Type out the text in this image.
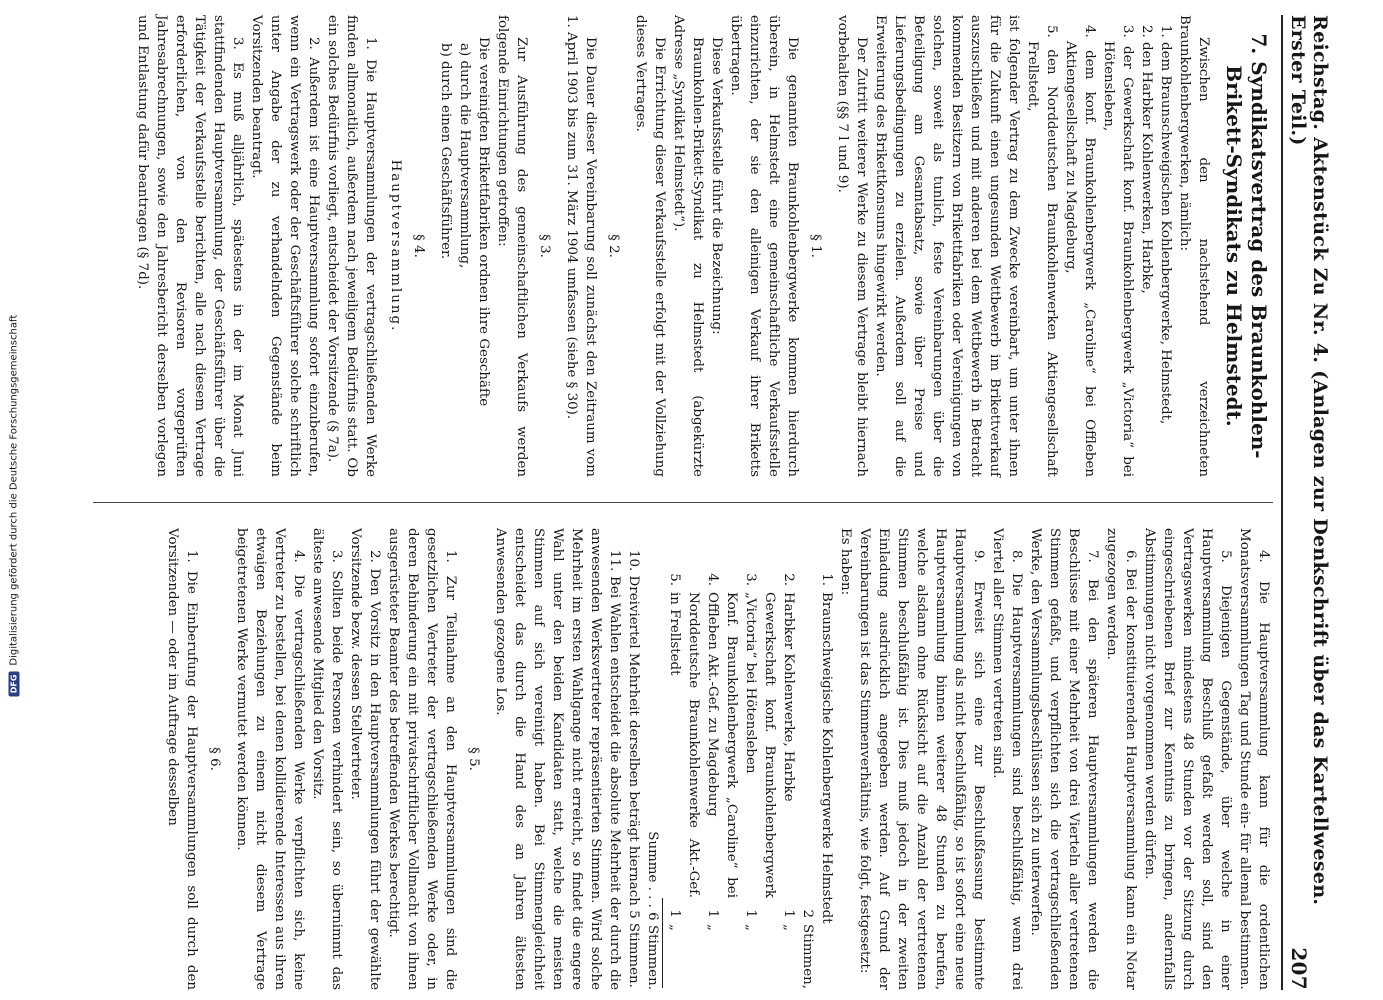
DFG
Digitalisierung gefördert durch die Deutsche Forschungsgemeinschaft	Reichstag. Aktenstück Zu Nr. 4. (Anlagen zur Denkschrift über das Kartellwesen. Erster Teil.)
207

7. Syndikatsvertrag des Braunkohlen-Brikett-Syndikats zu Helmstedt.

Zwischen den nachstehend verzeichneten Braunkohlenbergwerken, nämlich:

1. dem Braunschweigischen Kohlenbergwerke, Helmstedt,

2. den Harbker Kohlenwerken, Harbke,

3. der Gewerkschaft konf. Braunkohlenbergwerk „Victoria“ bei Hötensleben,

4. dem konf. Braunkohlenbergwerk „Caroline“ bei Offleben Aktiengesellschaft zu Magdeburg,

5. den Norddeutschen Braunkohlenwerken Aktiengesellschaft Frellstedt,

ist folgender Vertrag zu dem Zwecke vereinbart, um unter ihnen für die Zukunft einen ungesunden Wettbewerb im Brikettverkauf auszuschließen und mit anderen bei dem Wettbewerb in Betracht kommenden Besitzern von Brikettfabriken oder Vereinigungen von solchen, soweit als tunlich, feste Vereinbarungen über die Beteiligung am Gesamtabsatz, sowie über Preise und Lieferungsbedingungen zu erzielen. Außerdem soll auf die Erweiterung des Brikettkonsums hingewirkt werden.

Der Zutritt weiterer Werke zu diesem Vertrage bleibt hiernach vorbehalten (§§ 7 l und 9).

§ 1.

Die genannten Braunkohlenbergwerke kommen hierdurch überein, in Helmstedt eine gemeinschaftliche Verkaufsstelle einzurichten, der sie den alleinigen Verkauf ihrer Briketts übertragen.

Diese Verkaufsstelle führt die Bezeichnung:

Braunkohlen-Brikett-Syndikat zu Helmstedt (abgekürzte Adresse „Syndikat Helmstedt“).

Die Errichtung dieser Verkaufsstelle erfolgt mit der Vollziehung dieses Vertrages.

§ 2.

Die Dauer dieser Vereinbarung soll zunächst den Zeitraum vom 1. April 1903 bis zum 31. März 1904 umfassen (siehe § 30).

§ 3.

Zur Ausführung des gemeinschaftlichen Verkaufs werden folgende Einrichtungen getroffen:

Die vereinigten Brikettfabriken ordnen ihre Geschäfte

a) durch die Hauptversammlung,

b) durch einen Geschäftsführer.

§ 4.

Hauptversammlung.

1. Die Hauptversammlungen der vertragschließenden Werke finden allmonatlich, außerdem nach jeweiligem Bedürfnis statt. Ob ein solches Bedürfnis vorliegt, entscheidet der Vorsitzende (§ 7a).

2. Außerdem ist eine Hauptversammlung sofort einzuberufen, wenn ein Vertragswerk oder der Geschäftsführer solche schriftlich unter Angabe der zu verhandelnden Gegenstände beim Vorsitzenden beantragt.

3. Es muß alljährlich, spätestens in der im Monat Juni stattfindenden Hauptversammlung, der Geschäftsführer über die Tätigkeit der Verkaufsstelle berichten, alle nach diesem Vertrage erforderlichen, von den Revisoren vorgeprüften Jahresabrechnungen, sowie den Jahresbericht derselben vorlegen und Entlastung dafür beantragen (§ 7d).

4. Die Hauptversammlung kann für die ordentlichen Monatsversammlungen Tag und Stunde ein- für allemal bestimmen.

5. Diejenigen Gegenstände, über welche in einer Hauptversammlung Beschluß gefaßt werden soll, sind den Vertragswerken mindestens 48 Stunden vor der Sitzung durch eingeschriebenen Brief zur Kenntnis zu bringen, andernfalls Abstimmungen nicht vorgenommen werden dürfen.

6. Bei der konstituierenden Hauptversammlung kann ein Notar zugezogen werden.

7. Bei den späteren Hauptversammlungen werden die Beschlüsse mit einer Mehrheit von drei Vierteln aller vertretenen Stimmen gefaßt, und verpflichten sich die vertragschließenden Werke, den Versammlungsbeschlüssen sich zu unterwerfen.

8. Die Hauptversammlungen sind beschlußfähig, wenn drei Viertel aller Stimmen vertreten sind.

9. Erweist sich eine zur Beschlußfassung bestimmte Hauptversammlung als nicht beschlußfähig, so ist sofort eine neue Hauptversammlung binnen weiterer 48 Stunden zu berufen, welche alsdann ohne Rücksicht auf die Anzahl der vertretenen Stimmen beschlußfähig ist. Dies muß jedoch in der zweiten Einladung ausdrücklich angegeben werden. Auf Grund der Vereinbarungen ist das Stimmenverhältnis, wie folgt, festgesetzt:

Es haben:

1.
Braunschweigische Kohlenbergwerke Helmstedt
2
Stimmen,
2.
Harbker Kohlenwerke, Harbke
1
„
3.
Gewerkschaft konf. Braunkohlenbergwerk „Victoria“ bei Hötensleben
1
„
4.
Konf. Braunkohlenbergwerk „Caroline“ bei Offleben Akt.-Gef. zu Magdeburg
1
„
5.
Norddeutsche Braunkohlenwerke Akt.-Gef. in Frellstedt
1
„
Summe . . . 6 Stimmen.

10. Dreiviertel Mehrheit derselben beträgt hiernach 5 Stimmen.

11. Bei Wahlen entscheidet die absolute Mehrheit der durch die anwesenden Werksvertreter repräsentierten Stimmen. Wird solche Mehrheit im ersten Wahlgange nicht erreicht, so findet die engere Wahl unter den beiden Kandidaten statt, welche die meisten Stimmen auf sich vereinigt haben. Bei Stimmengleichheit entscheidet das durch die Hand des an Jahren ältesten Anwesenden gezogene Los.

§ 5.

1. Zur Teilnahme an den Hauptversammlungen sind die gesetzlichen Vertreter der vertragschließenden Werke oder, in deren Behinderung ein mit privatschriftlicher Vollmacht von ihnen ausgerüsteter Beamter des betreffenden Werkes berechtigt.

2. Den Vorsitz in den Hauptversammlungen führt der gewählte Vorsitzende bezw. dessen Stellvertreter.

3. Sollten beide Personen verhindert sein, so übernimmt das älteste anwesende Mitglied den Vorsitz.

4. Die vertragschließenden Werke verpflichten sich, keine Vertreter zu bestellen, bei denen kollidierende Interessen aus ihren etwaigen Beziehungen zu einem nicht diesem Vertrage beigetretenen Werke vermutet werden können.

§ 6.

1. Die Einberufung der Hauptversammlungen soll durch den Vorsitzenden — oder im Auftrage desselben
